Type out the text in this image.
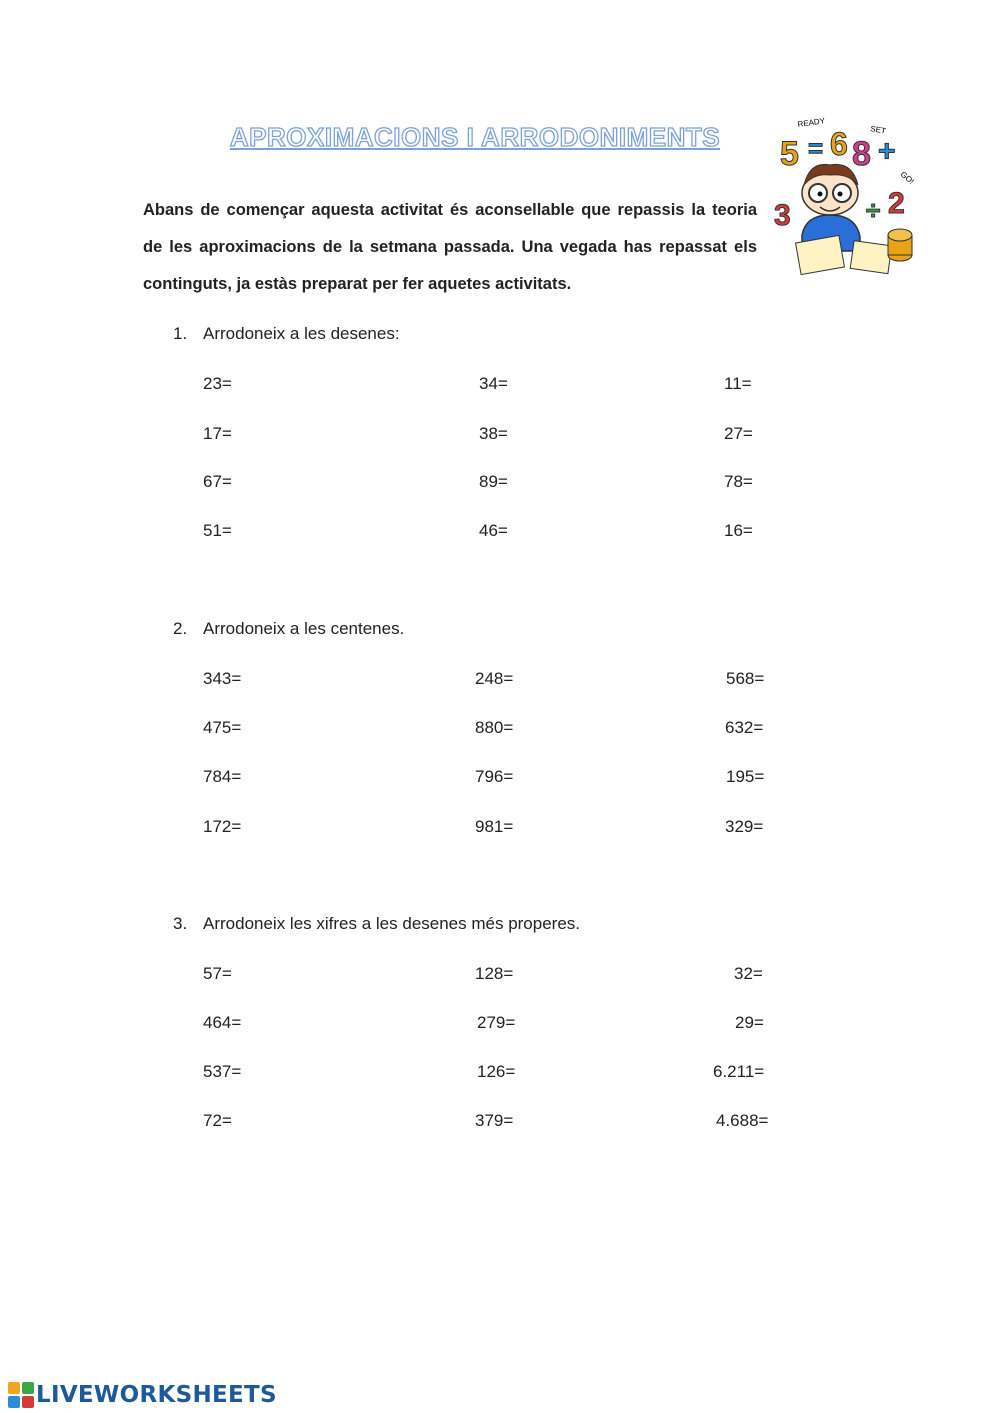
APROXIMACIONS I ARRODONIMENTS

Abans de començar aquesta activitat és aconsellable que repassis la teoria de les aproximacions de la setmana passada. Una vegada has repassat els continguts, ja estàs preparat per fer aquetes activitats.

READY
SET
GO!
5 = 6 8 +
3	÷ 2
1. Arrodoneix a les desenes:
23=	34=	11=
17=	38=	27=
67=	89=	78=
51=	46=	16=
2. Arrodoneix a les centenes.
343=	248=	568=
475=	880=	632=
784=	796=	195=
172=	981=	329=
3. Arrodoneix les xifres a les desenes més properes.
57=	128=	32=
464=	279=	29=
537=	126=	6.211=
72=	379=	4.688=
LIVEWORKSHEETS
